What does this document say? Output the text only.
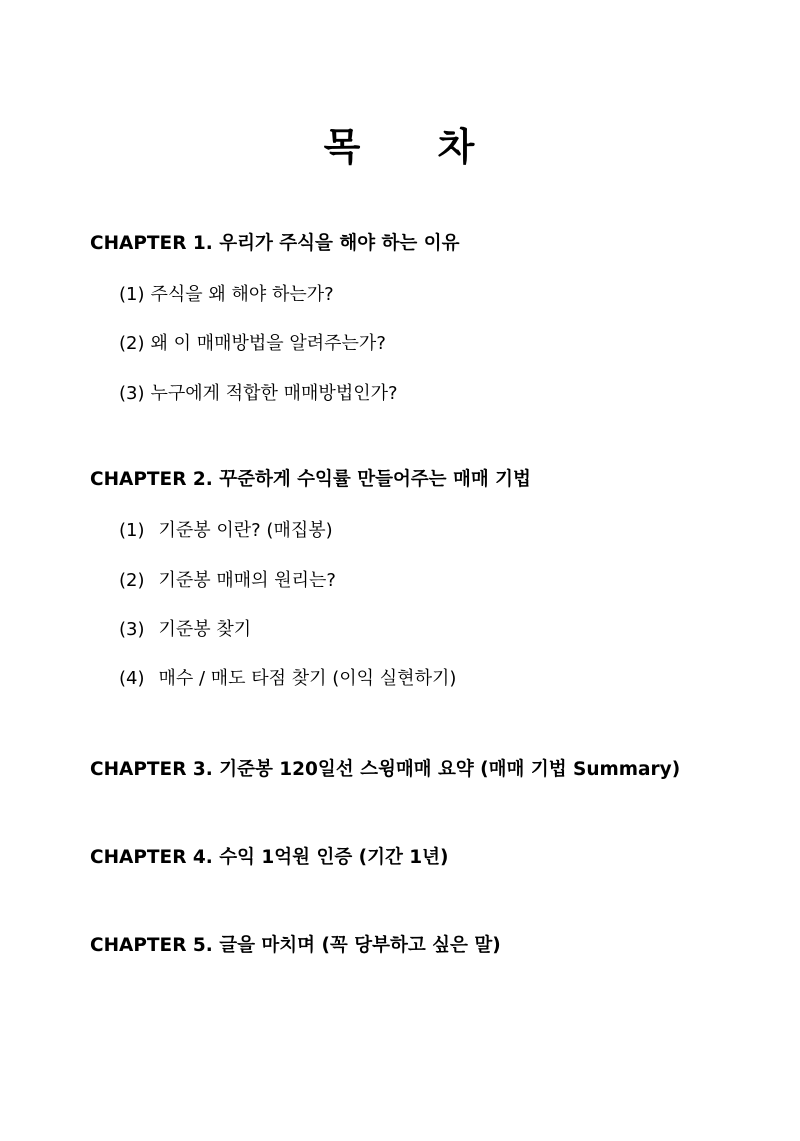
목 차
CHAPTER 1. 우리가 주식을 해야 하는 이유
(1) 주식을 왜 해야 하는가?
(2) 왜 이 매매방법을 알려주는가?
(3) 누구에게 적합한 매매방법인가?
CHAPTER 2. 꾸준하게 수익률 만들어주는 매매 기법
(1) 기준봉 이란? (매집봉)
(2) 기준봉 매매의 원리는?
(3) 기준봉 찾기
(4) 매수 / 매도 타점 찾기 (이익 실현하기)
CHAPTER 3. 기준봉 120일선 스윙매매 요약 (매매 기법 Summary)
CHAPTER 4. 수익 1억원 인증 (기간 1년)
CHAPTER 5. 글을 마치며 (꼭 당부하고 싶은 말)
